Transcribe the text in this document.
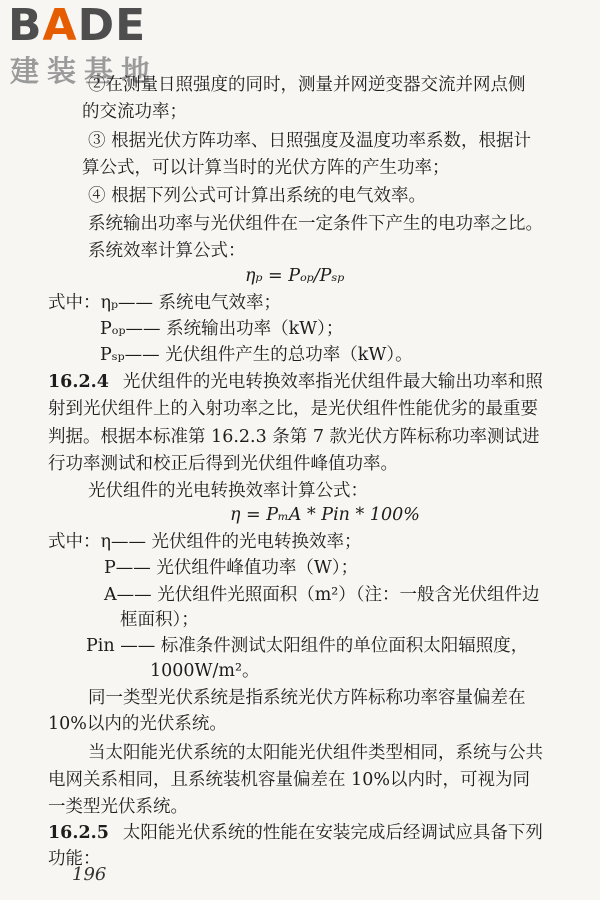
BADE
建装基地
②在测量日照强度的同时，测量并网逆变器交流并网点侧
的交流功率；
③ 根据光伏方阵功率、日照强度及温度功率系数，根据计
算公式，可以计算当时的光伏方阵的产生功率；
④ 根据下列公式可计算出系统的电气效率。
系统输出功率与光伏组件在一定条件下产生的电功率之比。
系统效率计算公式：
ηₚ = Pₒₚ/Pₛₚ
式中：ηₚ—— 系统电气效率；
Pₒₚ—— 系统输出功率（kW）；
Pₛₚ—— 光伏组件产生的总功率（kW）。
16.2.4 光伏组件的光电转换效率指光伏组件最大输出功率和照
射到光伏组件上的入射功率之比，是光伏组件性能优劣的最重要
判据。根据本标准第 16.2.3 条第 7 款光伏方阵标称功率测试进
行功率测试和校正后得到光伏组件峰值功率。
光伏组件的光电转换效率计算公式：
η = PₘA * Pin * 100%
式中：η—— 光伏组件的光电转换效率；
P—— 光伏组件峰值功率（W）；
A—— 光伏组件光照面积（m²）（注：一般含光伏组件边
框面积）；
Pin —— 标准条件测试太阳组件的单位面积太阳辐照度，
1000W/m²。
同一类型光伏系统是指系统光伏方阵标称功率容量偏差在
10%以内的光伏系统。
当太阳能光伏系统的太阳能光伏组件类型相同，系统与公共
电网关系相同，且系统装机容量偏差在 10%以内时，可视为同
一类型光伏系统。
16.2.5 太阳能光伏系统的性能在安装完成后经调试应具备下列
功能：
196
